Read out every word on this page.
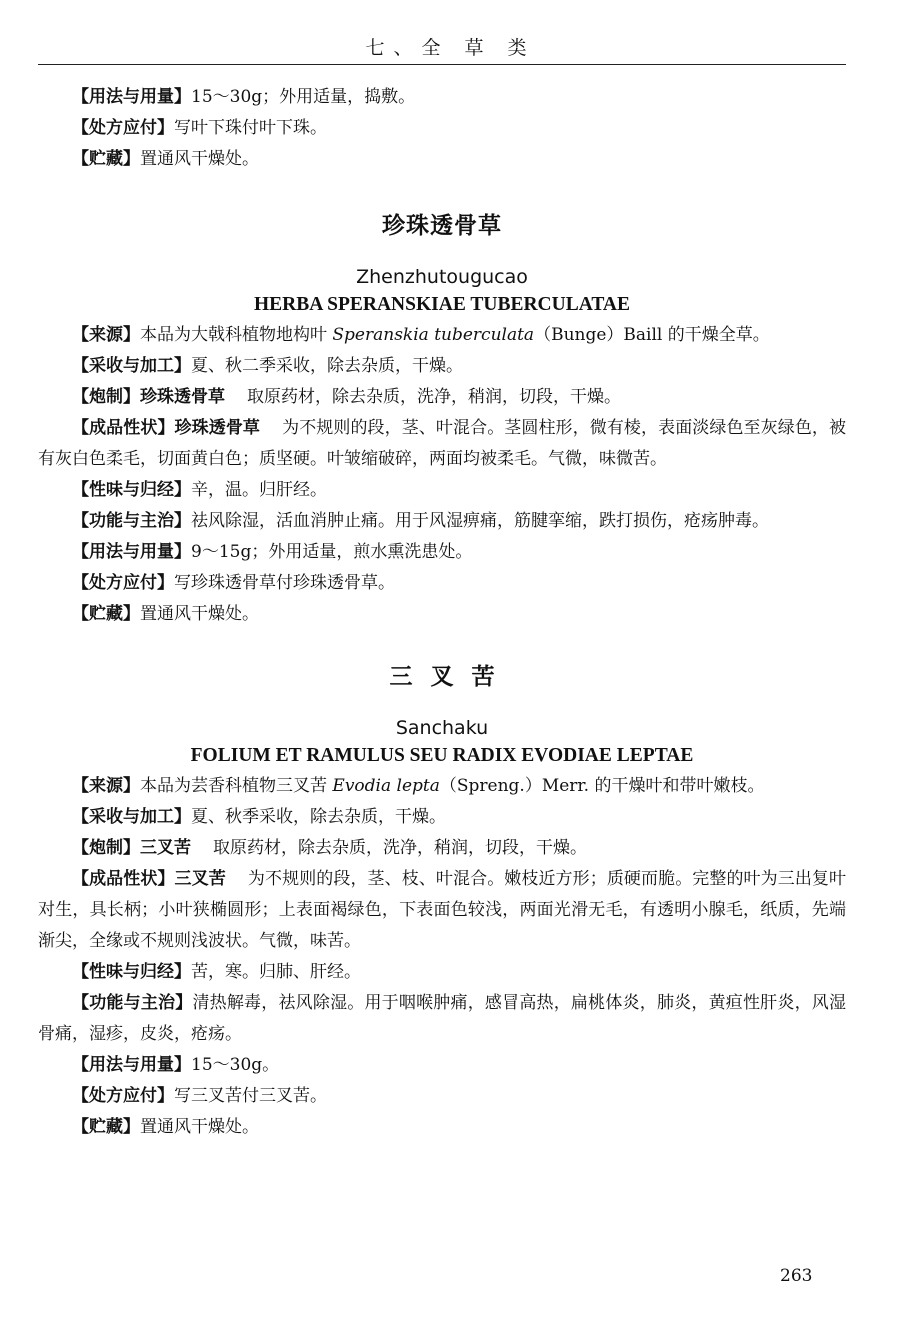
七、全 草 类

【用法与用量】15～30g；外用适量，捣敷。

【处方应付】写叶下珠付叶下珠。

【贮藏】置通风干燥处。

珍珠透骨草

Zhenzhutougucao

HERBA SPERANSKIAE TUBERCULATAE

【来源】本品为大戟科植物地构叶 Speranskia tuberculata（Bunge）Baill 的干燥全草。

【采收与加工】夏、秋二季采收，除去杂质，干燥。

【炮制】珍珠透骨草 取原药材，除去杂质，洗净，稍润，切段，干燥。

【成品性状】珍珠透骨草 为不规则的段，茎、叶混合。茎圆柱形，微有棱，表面淡绿色至灰绿色，被有灰白色柔毛，切面黄白色；质坚硬。叶皱缩破碎，两面均被柔毛。气微，味微苦。

【性味与归经】辛，温。归肝经。

【功能与主治】祛风除湿，活血消肿止痛。用于风湿痹痛，筋腱挛缩，跌打损伤，疮疡肿毒。

【用法与用量】9～15g；外用适量，煎水熏洗患处。

【处方应付】写珍珠透骨草付珍珠透骨草。

【贮藏】置通风干燥处。

三叉苦

Sanchaku

FOLIUM ET RAMULUS SEU RADIX EVODIAE LEPTAE

【来源】本品为芸香科植物三叉苦 Evodia lepta（Spreng.）Merr. 的干燥叶和带叶嫩枝。

【采收与加工】夏、秋季采收，除去杂质，干燥。

【炮制】三叉苦 取原药材，除去杂质，洗净，稍润，切段，干燥。

【成品性状】三叉苦 为不规则的段，茎、枝、叶混合。嫩枝近方形；质硬而脆。完整的叶为三出复叶对生，具长柄；小叶狭椭圆形；上表面褐绿色，下表面色较浅，两面光滑无毛，有透明小腺毛，纸质，先端渐尖，全缘或不规则浅波状。气微，味苦。

【性味与归经】苦，寒。归肺、肝经。

【功能与主治】清热解毒，祛风除湿。用于咽喉肿痛，感冒高热，扁桃体炎，肺炎，黄疸性肝炎，风湿骨痛，湿疹，皮炎，疮疡。

【用法与用量】15～30g。

【处方应付】写三叉苦付三叉苦。

【贮藏】置通风干燥处。

263
